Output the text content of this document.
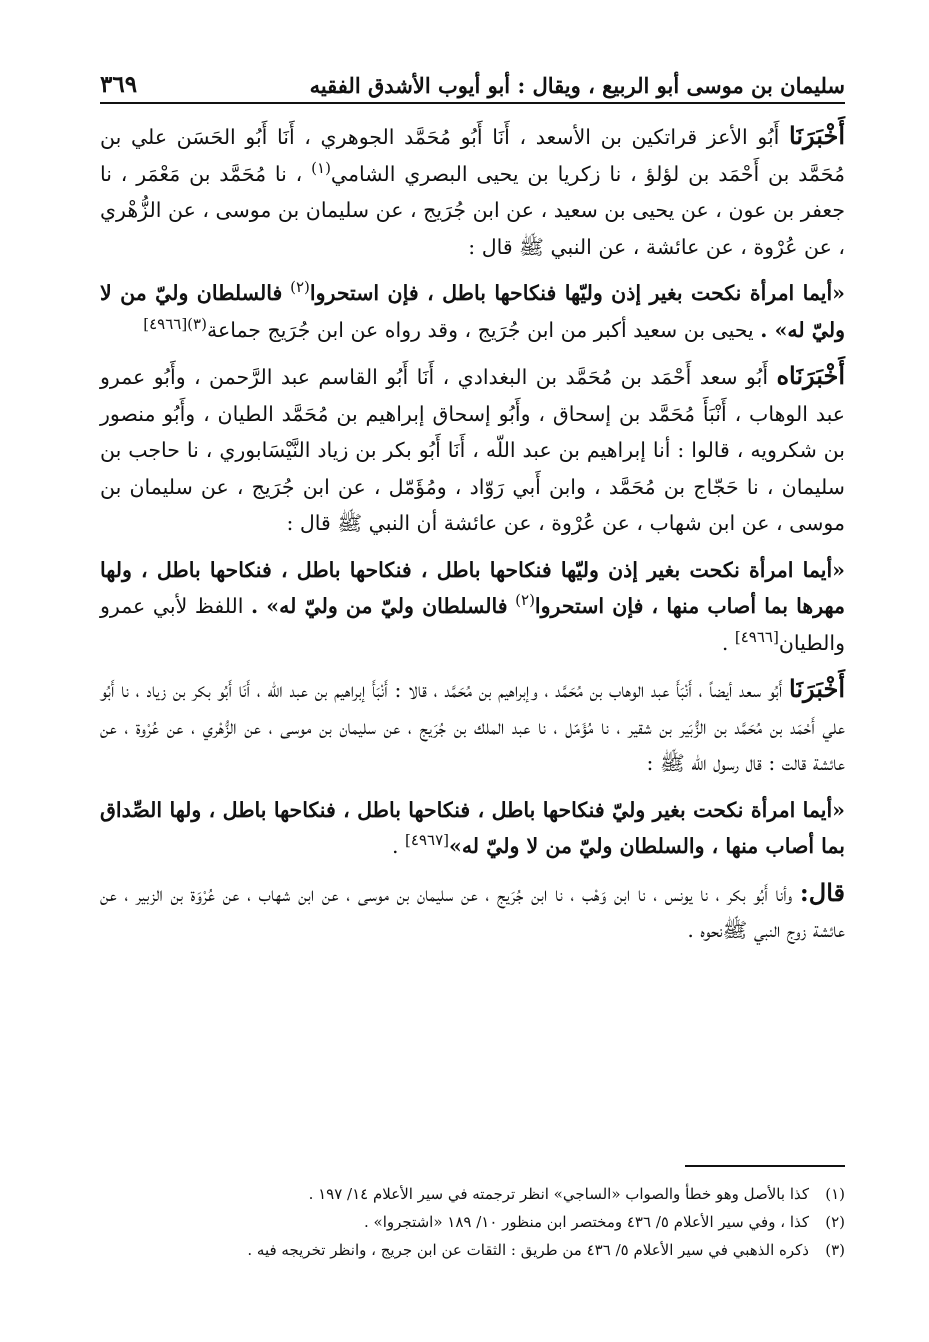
سليمان بن موسى أبو الربيع ، ويقال : أبو أيوب الأشدق الفقيه
٣٦٩

أَخْبَرَنَا أَبُو الأعز قراتكين بن الأسعد ، أَنَا أَبُو مُحَمَّد الجوهري ، أَنَا أَبُو الحَسَن علي بن مُحَمَّد بن أَحْمَد بن لؤلؤ ، نا زكريا بن يحيى البصري الشامي$^{(١)}$ ، نا مُحَمَّد بن مَعْمَر ، نا جعفر بن عون ، عن يحيى بن سعيد ، عن ابن جُرَيج ، عن سليمان بن موسى ، عن الزُّهْري ، عن عُرْوة ، عن عائشة ، عن النبي ﷺ قال :

«أيما امرأة نكحت بغير إذن وليّها فنكاحها باطل ، فإن استحروا$^{(٢)}$ فالسلطان وليّ من لا وليّ له» . يحيى بن سعيد أكبر من ابن جُرَيج ، وقد رواه عن ابن جُرَيج جماعة$^{(٣)[٤٩٦٦]}$

أَخْبَرَنَاه أَبُو سعد أَحْمَد بن مُحَمَّد بن البغدادي ، أَنَا أَبُو القاسم عبد الرَّحمن ، وأَبُو عمرو عبد الوهاب ، أَنْبَأَ مُحَمَّد بن إسحاق ، وأَبُو إسحاق إبراهيم بن مُحَمَّد الطيان ، وأَبُو منصور بن شكرويه ، قالوا : أنا إبراهيم بن عبد اللّه ، أَنَا أَبُو بكر بن زياد النَّيْسَابوري ، نا حاجب بن سليمان ، نا حَجّاج بن مُحَمَّد ، وابن أَبي رَوّاد ، ومُؤَمّل ، عن ابن جُرَيج ، عن سليمان بن موسى ، عن ابن شهاب ، عن عُرْوة ، عن عائشة أن النبي ﷺ قال :

«أيما امرأة نكحت بغير إذن وليّها فنكاحها باطل ، فنكاحها باطل ، فنكاحها باطل ، ولها مهرها بما أصاب منها ، فإن استحروا$^{(٢)}$ فالسلطان وليّ من وليّ له» . اللفظ لأبي عمرو والطيان[٤٩٦٦] .

أَخْبَرَنَا أَبُو سعد أيضاً ، أَنْبَأَ عبد الوهاب بن مُحَمَّد ، وإبراهيم بن مُحَمَّد ، قالا : أَنْبَأَ إبراهيم بن عبد اللّه ، أَنَا أَبُو بكر بن زياد ، نا أَبُو علي أَحْمَد بن مُحَمَّد بن الزُّبَير بن شقير ، نا مُؤَمّل ، نا عبد الملك بن جُرَيج ، عن سليمان بن موسى ، عن الزُّهْري ، عن عُرْوة ، عن عائشة قالت : قال رسول الله ﷺ :

«أيما امرأة نكحت بغير وليّ فنكاحها باطل ، فنكاحها باطل ، فنكاحها باطل ، ولها الصِّداق بما أصاب منها ، والسلطان وليّ من لا وليّ له»[٤٩٦٧] .

قال: وأنا أَبُو بكر ، نا يونس ، نا ابن وَهْب ، نا ابن جُرَيج ، عن سليمان بن موسى ، عن ابن شهاب ، عن عُرْوَة بن الزبير ، عن عائشة زوج النبي ﷺنحوه .

(١)كذا بالأصل وهو خطأ والصواب «الساجي» انظر ترجمته في سير الأعلام ١٤/ ١٩٧ .

(٢)كذا ، وفي سير الأعلام ٥/ ٤٣٦ ومختصر ابن منظور ١٠/ ١٨٩ «اشتجروا» .

(٣)ذكره الذهبي في سير الأعلام ٥/ ٤٣٦ من طريق : الثقات عن ابن جريج ، وانظر تخريجه فيه .
